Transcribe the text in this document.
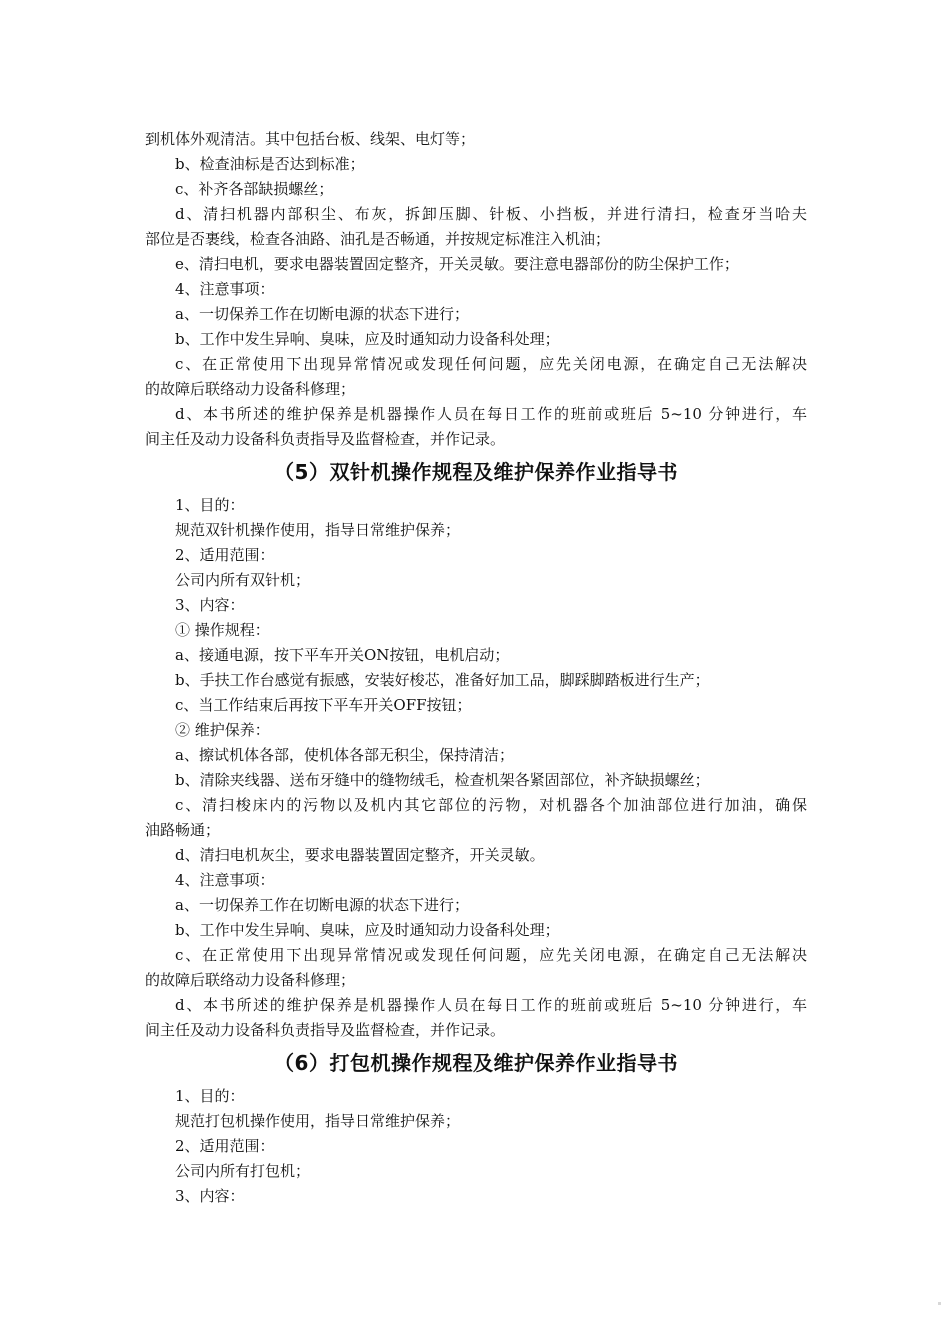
到机体外观清洁。其中包括台板、线架、电灯等；

b、检查油标是否达到标准；

c、补齐各部缺损螺丝；

d、清扫机器内部积尘、布灰，拆卸压脚、针板、小挡板，并进行清扫，检查牙当哈夫

部位是否裹线，检查各油路、油孔是否畅通，并按规定标准注入机油；

e、清扫电机，要求电器装置固定整齐，开关灵敏。要注意电器部份的防尘保护工作；

4、注意事项：

a、一切保养工作在切断电源的状态下进行；

b、工作中发生异响、臭味，应及时通知动力设备科处理；

c、在正常使用下出现异常情况或发现任何问题，应先关闭电源，在确定自己无法解决

的故障后联络动力设备科修理；

d、本书所述的维护保养是机器操作人员在每日工作的班前或班后 5~10 分钟进行，车

间主任及动力设备科负责指导及监督检查，并作记录。

（5）双针机操作规程及维护保养作业指导书

1、目的：

规范双针机操作使用，指导日常维护保养；

2、适用范围：

公司内所有双针机；

3、内容：

① 操作规程：

a、接通电源，按下平车开关ON按钮，电机启动；

b、手扶工作台感觉有振感，安装好梭芯，准备好加工品，脚踩脚踏板进行生产；

c、当工作结束后再按下平车开关OFF按钮；

② 维护保养：

a、擦试机体各部，使机体各部无积尘，保持清洁；

b、清除夹线器、送布牙缝中的缝物绒毛，检查机架各紧固部位，补齐缺损螺丝；

c、清扫梭床内的污物以及机内其它部位的污物，对机器各个加油部位进行加油，确保

油路畅通；

d、清扫电机灰尘，要求电器装置固定整齐，开关灵敏。

4、注意事项：

a、一切保养工作在切断电源的状态下进行；

b、工作中发生异响、臭味，应及时通知动力设备科处理；

c、在正常使用下出现异常情况或发现任何问题，应先关闭电源，在确定自己无法解决

的故障后联络动力设备科修理；

d、本书所述的维护保养是机器操作人员在每日工作的班前或班后 5~10 分钟进行，车

间主任及动力设备科负责指导及监督检查，并作记录。

（6）打包机操作规程及维护保养作业指导书

1、目的：

规范打包机操作使用，指导日常维护保养；

2、适用范围：

公司内所有打包机；

3、内容：
